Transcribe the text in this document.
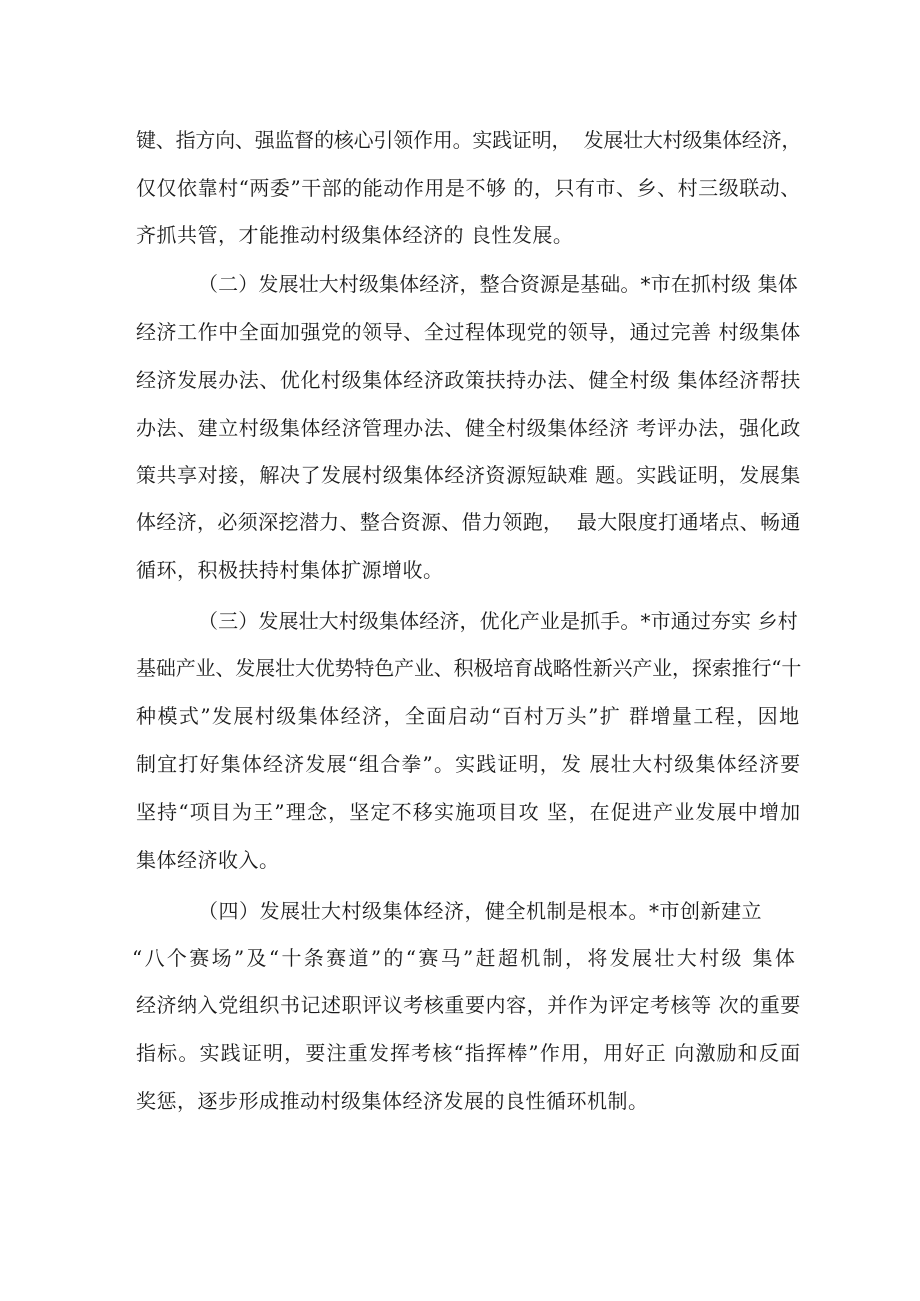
键、指方向、强监督的核心引领作用。实践证明，  发展壮大村级集体经济，
仅仅依靠村“两委”干部的能动作用是不够 的，只有市、乡、村三级联动、
齐抓共管，才能推动村级集体经济的 良性发展。
（二）发展壮大村级集体经济，整合资源是基础。*市在抓村级 集体
经济工作中全面加强党的领导、全过程体现党的领导，通过完善 村级集体
经济发展办法、优化村级集体经济政策扶持办法、健全村级 集体经济帮扶
办法、建立村级集体经济管理办法、健全村级集体经济 考评办法，强化政
策共享对接，解决了发展村级集体经济资源短缺难 题。实践证明，发展集
体经济，必须深挖潜力、整合资源、借力领跑，  最大限度打通堵点、畅通
循环，积极扶持村集体扩源增收。
（三）发展壮大村级集体经济，优化产业是抓手。*市通过夯实 乡村
基础产业、发展壮大优势特色产业、积极培育战略性新兴产业，探索推行“十
种模式”发展村级集体经济，全面启动“百村万头”扩 群增量工程，因地
制宜打好集体经济发展“组合拳”。实践证明，发 展壮大村级集体经济要
坚持“项目为王”理念，坚定不移实施项目攻 坚，在促进产业发展中增加
集体经济收入。
（四）发展壮大村级集体经济，健全机制是根本。*市创新建立
“八个赛场”及“十条赛道”的“赛马”赶超机制，将发展壮大村级 集体
经济纳入党组织书记述职评议考核重要内容，并作为评定考核等 次的重要
指标。实践证明，要注重发挥考核“指挥棒”作用，用好正 向激励和反面
奖惩，逐步形成推动村级集体经济发展的良性循环机制。
